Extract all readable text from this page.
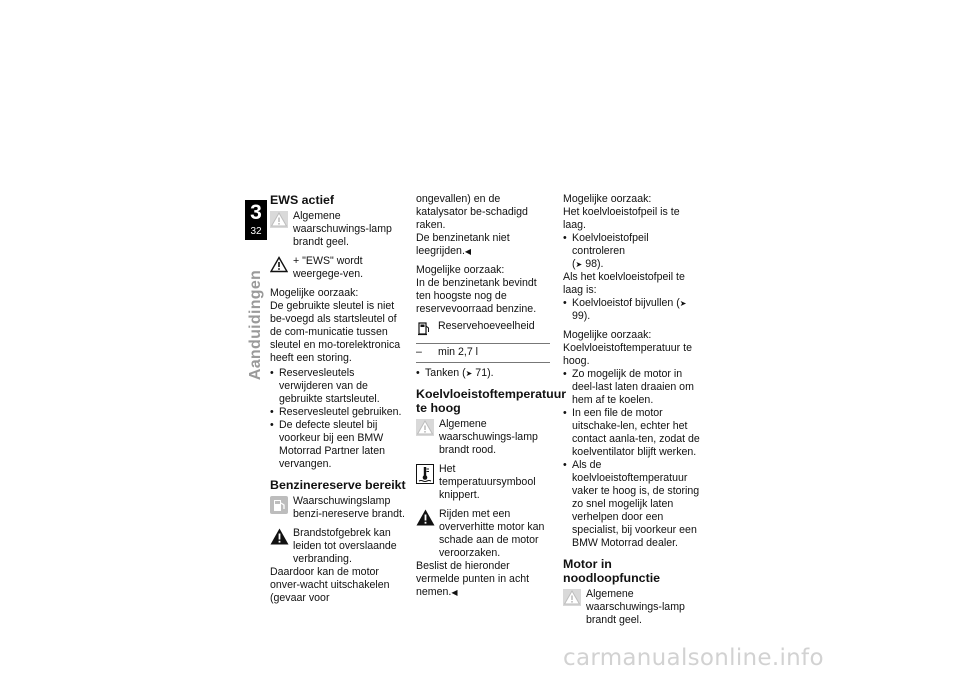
3
32
Aanduidingen
EWS actief
Algemene waarschuwings-lamp brandt geel.
+ "EWS" wordt weergege-ven.

Mogelijke oorzaak:

De gebruikte sleutel is niet be-voegd als startsleutel of de com-municatie tussen sleutel en mo-torelektronica heeft een storing.

• Reservesleutels verwijderen van de gebruikte startsleutel.
• Reservesleutel gebruiken.
• De defecte sleutel bij voorkeur bij een BMW Motorrad Partner laten vervangen.
Benzinereserve bereikt
Waarschuwingslamp benzi-nereserve brandt.
Brandstofgebrek kan leiden tot overslaande verbranding.

Daardoor kan de motor onver-wacht uitschakelen (gevaar voor

ongevallen) en de katalysator be-schadigd raken.

De benzinetank niet leegrijden.◀

Mogelijke oorzaak:

In de benzinetank bevindt ten hoogste nog de reservevoorraad benzine.

	Reservehoeveelheid
–	min 2,7 l
• Tanken (➤ 71).
Koelvloeistoftemperatuur te hoog
Algemene waarschuwings-lamp brandt rood.
Het temperatuursymbool knippert.
Rijden met een oververhitte motor kan schade aan de motor veroorzaken.

Beslist de hieronder vermelde punten in acht nemen.◀

Mogelijke oorzaak:

Het koelvloeistofpeil is te laag.

• Koelvloeistofpeil controleren
(➤ 98).

Als het koelvloeistofpeil te laag is:

• Koelvloeistof bijvullen (➤ 99).

Mogelijke oorzaak:

Koelvloeistoftemperatuur te hoog.

• Zo mogelijk de motor in deel-last laten draaien om hem af te koelen.
• In een file de motor uitschake-len, echter het contact aanla-ten, zodat de koelventilator blijft werken.
• Als de koelvloeistoftemperatuur vaker te hoog is, de storing zo snel mogelijk laten verhelpen door een specialist, bij voorkeur een BMW Motorrad dealer.
Motor in noodloopfunctie
Algemene waarschuwings-lamp brandt geel.
carmanualsonline.info
